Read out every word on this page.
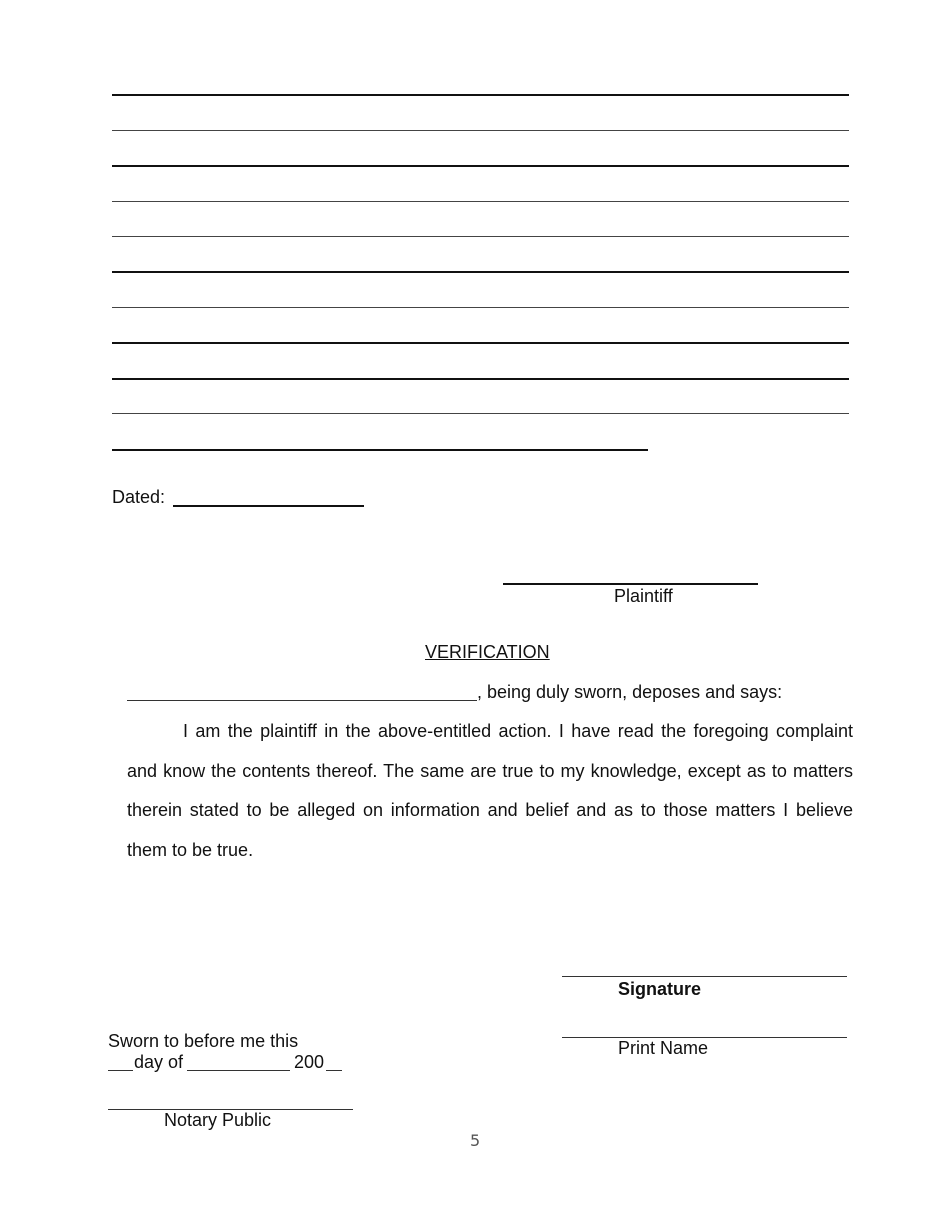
Dated:
Plaintiff
VERIFICATION
, being duly sworn, deposes and says:
I am the plaintiff in the above-entitled action. I have read the foregoing complaint and know the contents thereof. The same are true to my knowledge, except as to matters therein stated to be alleged on information and belief and as to those matters I believe them to be true.
Signature
Print Name
Sworn to before me this
day of	200
Notary Public
5
